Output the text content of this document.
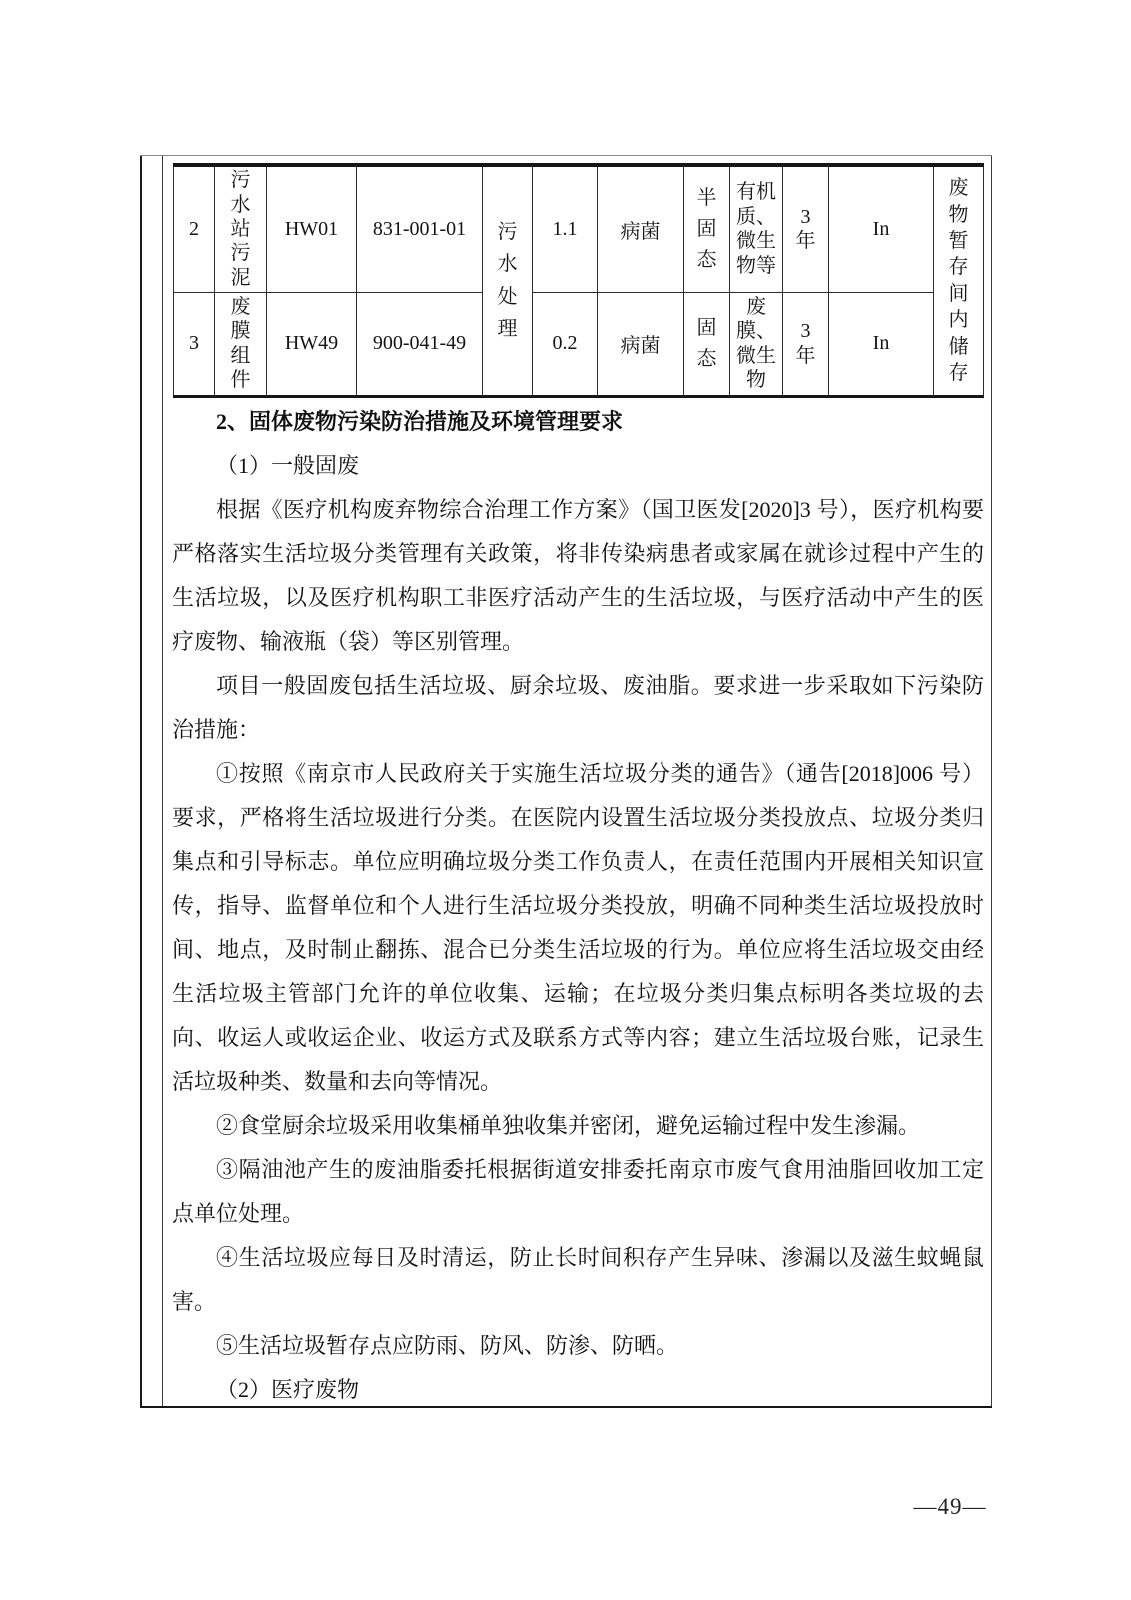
2	污水站污泥	HW01	831-001-01	污水处理	1.1	病菌	半固态	有机质、微生物等	3年	In	废物暂存间内储存
3	废膜组件	HW49	900-041-49		0.2	病菌	固态	废膜、微生物	3年	In	

2、固体废物污染防治措施及环境管理要求

（1）一般固废

根据《医疗机构废弃物综合治理工作方案》（国卫医发[2020]3 号），医疗机构要严格落实生活垃圾分类管理有关政策，将非传染病患者或家属在就诊过程中产生的生活垃圾，以及医疗机构职工非医疗活动产生的生活垃圾，与医疗活动中产生的医疗废物、输液瓶（袋）等区别管理。

项目一般固废包括生活垃圾、厨余垃圾、废油脂。要求进一步采取如下污染防治措施：

①按照《南京市人民政府关于实施生活垃圾分类的通告》（通告[2018]006 号）要求，严格将生活垃圾进行分类。在医院内设置生活垃圾分类投放点、垃圾分类归集点和引导标志。单位应明确垃圾分类工作负责人，在责任范围内开展相关知识宣传，指导、监督单位和个人进行生活垃圾分类投放，明确不同种类生活垃圾投放时间、地点，及时制止翻拣、混合已分类生活垃圾的行为。单位应将生活垃圾交由经生活垃圾主管部门允许的单位收集、运输；在垃圾分类归集点标明各类垃圾的去向、收运人或收运企业、收运方式及联系方式等内容；建立生活垃圾台账，记录生活垃圾种类、数量和去向等情况。

②食堂厨余垃圾采用收集桶单独收集并密闭，避免运输过程中发生渗漏。

③隔油池产生的废油脂委托根据街道安排委托南京市废气食用油脂回收加工定点单位处理。

④生活垃圾应每日及时清运，防止长时间积存产生异味、渗漏以及滋生蚊蝇鼠害。

⑤生活垃圾暂存点应防雨、防风、防渗、防晒。

（2）医疗废物

—49—
